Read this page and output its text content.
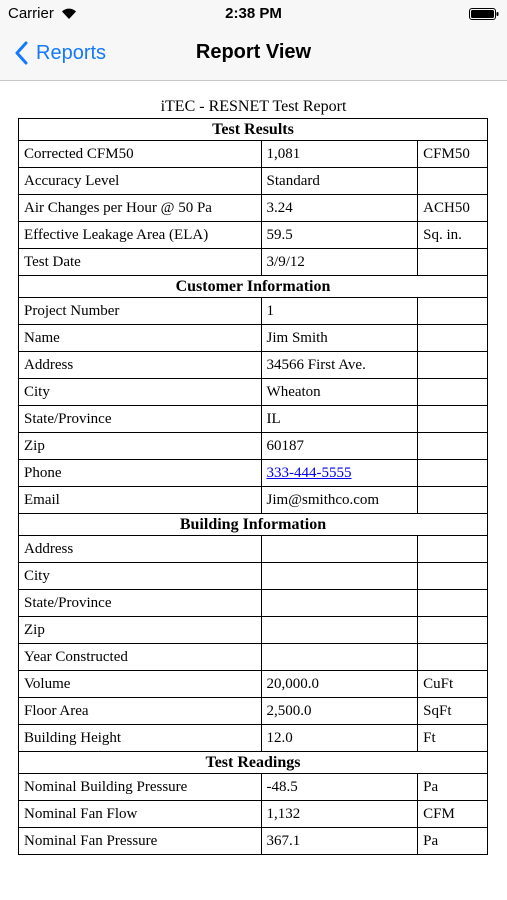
Carrier	2:38 PM
Reports	Report View
iTEC - RESNET Test Report
Test Results		
Corrected CFM50	1,081	CFM50
Accuracy Level	Standard	
Air Changes per Hour @ 50 Pa	3.24	ACH50
Effective Leakage Area (ELA)	59.5	Sq. in.
Test Date	3/9/12	
Customer Information		
Project Number	1	
Name	Jim Smith	
Address	34566 First Ave.	
City	Wheaton	
State/Province	IL	
Zip	60187	
Phone	333-444-5555	
Email	Jim@smithco.com	
Building Information		
Address		
City		
State/Province		
Zip		
Year Constructed		
Volume	20,000.0	CuFt
Floor Area	2,500.0	SqFt
Building Height	12.0	Ft
Test Readings		
Nominal Building Pressure	-48.5	Pa
Nominal Fan Flow	1,132	CFM
Nominal Fan Pressure	367.1	Pa
